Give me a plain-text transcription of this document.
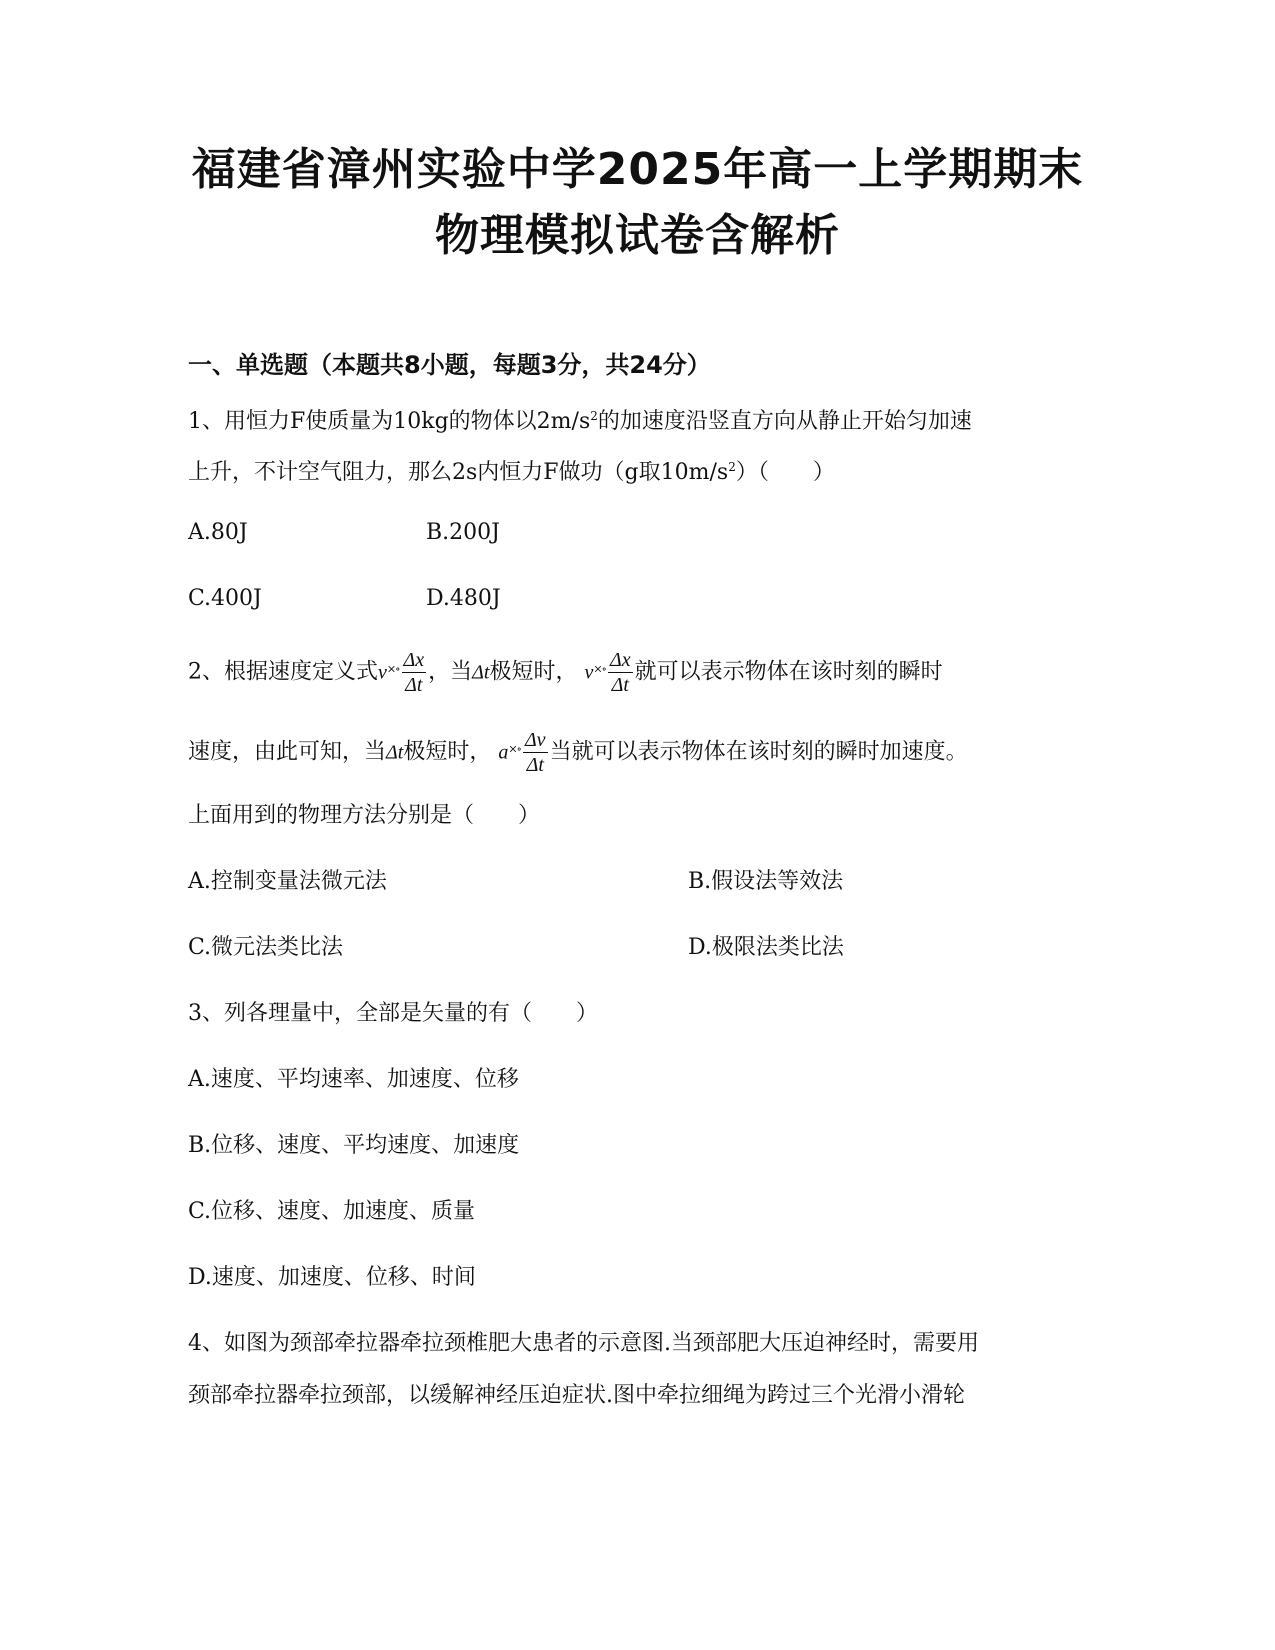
福建省漳州实验中学2025年高一上学期期末
物理模拟试卷含解析
一、单选题（本题共8小题，每题3分，共24分）
1、用恒力F使质量为10kg的物体以$2m/s^2$的加速度沿竖直方向从静止开始匀加速
上升，不计空气阻力，那么2s内恒力F做功（g取$10m/s^2$）（　　）
A.80J	B.200J
C.400J	D.480J
2、根据速度定义式$v^{\times\circ} \frac{\Delta x}{\Delta t}$ ，当Δt极短时， $v^{\times\circ} \frac{\Delta x}{\Delta t}$ 就可以表示物体在该时刻的瞬时
速度，由此可知，当Δt极短时， $a^{\times\circ} \frac{\Delta v}{\Delta t}$ 当就可以表示物体在该时刻的瞬时加速度。
上面用到的物理方法分别是（　　）
A.控制变量法微元法	B.假设法等效法
C.微元法类比法	D.极限法类比法
3、列各理量中，全部是矢量的有（　　）
A.速度、平均速率、加速度、位移
B.位移、速度、平均速度、加速度
C.位移、速度、加速度、质量
D.速度、加速度、位移、时间
4、如图为颈部牵拉器牵拉颈椎肥大患者的示意图.当颈部肥大压迫神经时，需要用
颈部牵拉器牵拉颈部，以缓解神经压迫症状.图中牵拉细绳为跨过三个光滑小滑轮
